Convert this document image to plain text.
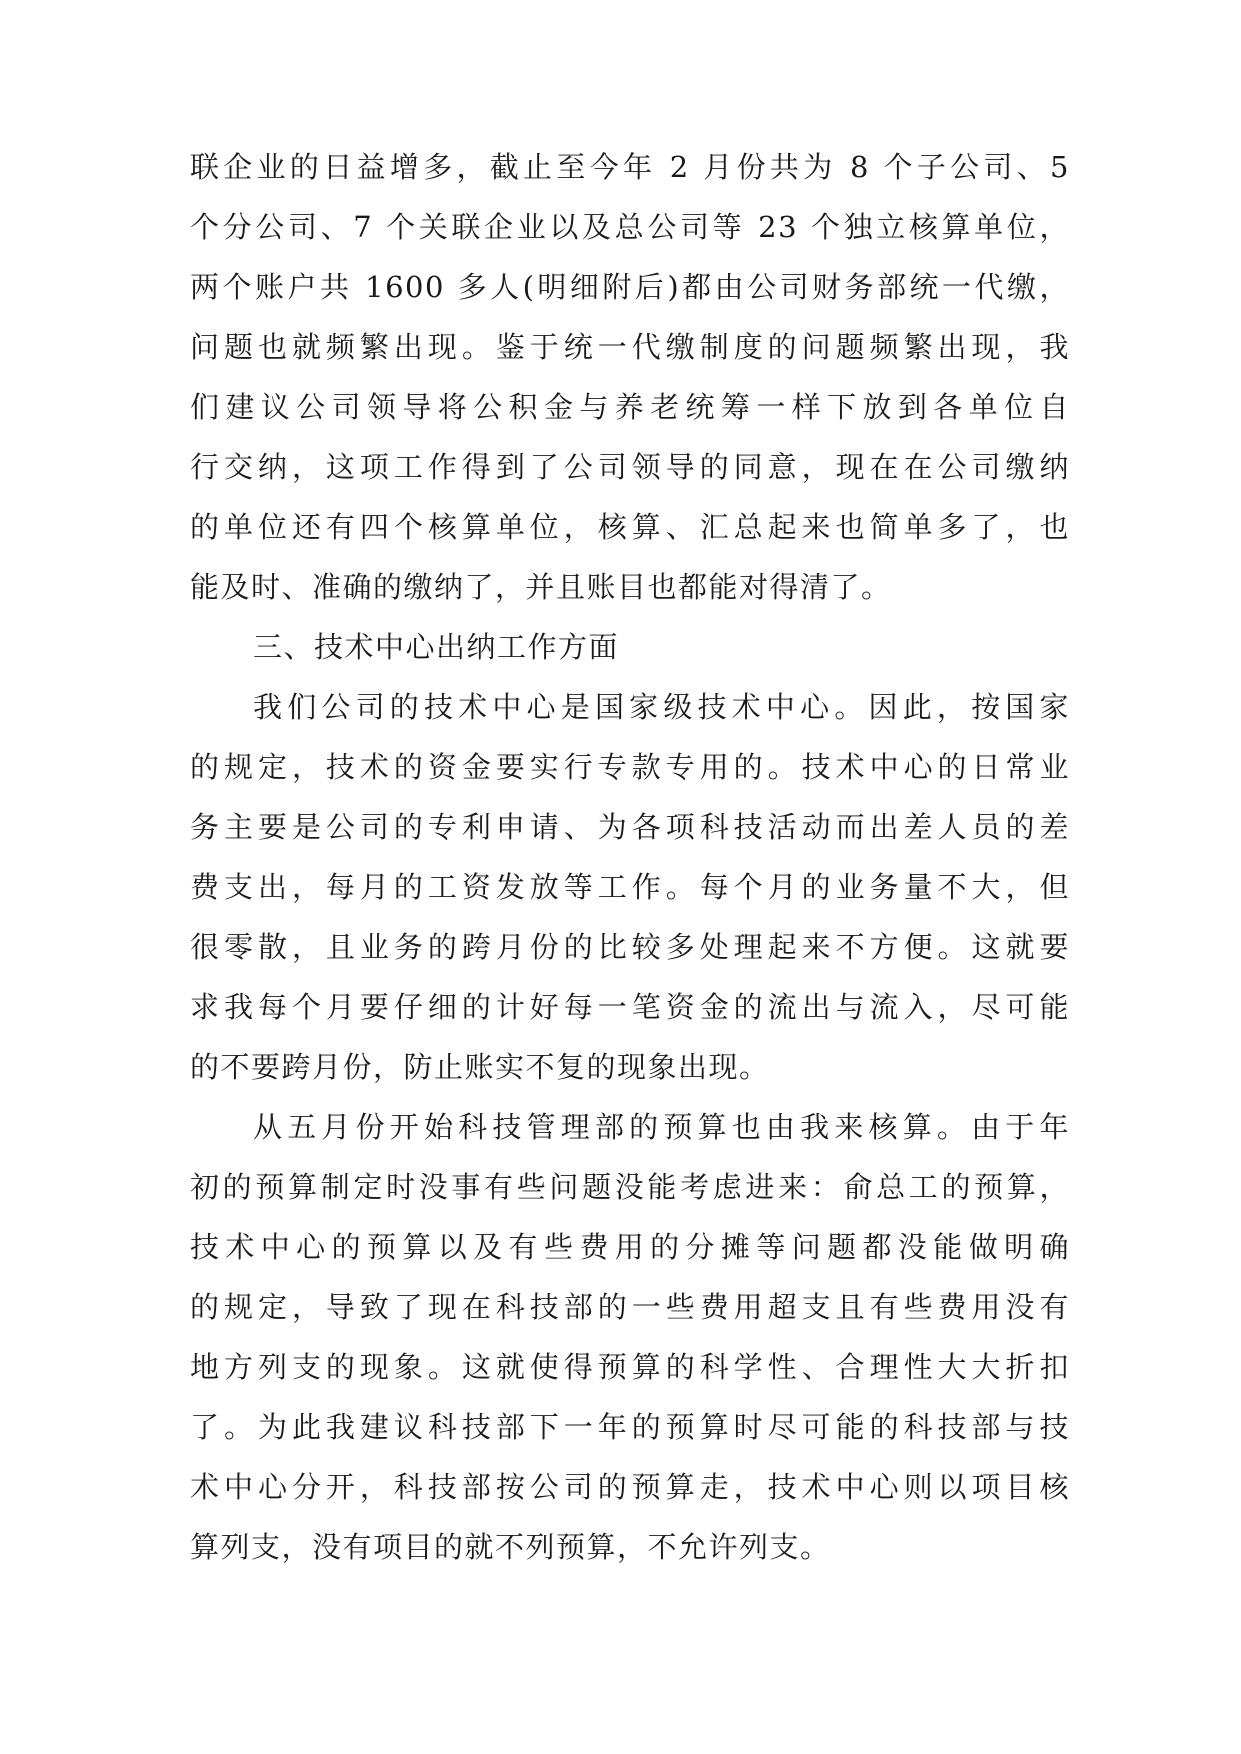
联企业的日益增多，截止至今年 2 月份共为 8 个子公司、5
个分公司、7 个关联企业以及总公司等 23 个独立核算单位，
两个账户共 1600 多人(明细附后)都由公司财务部统一代缴，
问题也就频繁出现。鉴于统一代缴制度的问题频繁出现，我
们建议公司领导将公积金与养老统筹一样下放到各单位自
行交纳，这项工作得到了公司领导的同意，现在在公司缴纳
的单位还有四个核算单位，核算、汇总起来也简单多了，也
能及时、准确的缴纳了，并且账目也都能对得清了。
三、技术中心出纳工作方面
我们公司的技术中心是国家级技术中心。因此，按国家
的规定，技术的资金要实行专款专用的。技术中心的日常业
务主要是公司的专利申请、为各项科技活动而出差人员的差
费支出，每月的工资发放等工作。每个月的业务量不大，但
很零散，且业务的跨月份的比较多处理起来不方便。这就要
求我每个月要仔细的计好每一笔资金的流出与流入，尽可能
的不要跨月份，防止账实不复的现象出现。
从五月份开始科技管理部的预算也由我来核算。由于年
初的预算制定时没事有些问题没能考虑进来：俞总工的预算，
技术中心的预算以及有些费用的分摊等问题都没能做明确
的规定，导致了现在科技部的一些费用超支且有些费用没有
地方列支的现象。这就使得预算的科学性、合理性大大折扣
了。为此我建议科技部下一年的预算时尽可能的科技部与技
术中心分开，科技部按公司的预算走，技术中心则以项目核
算列支，没有项目的就不列预算，不允许列支。
